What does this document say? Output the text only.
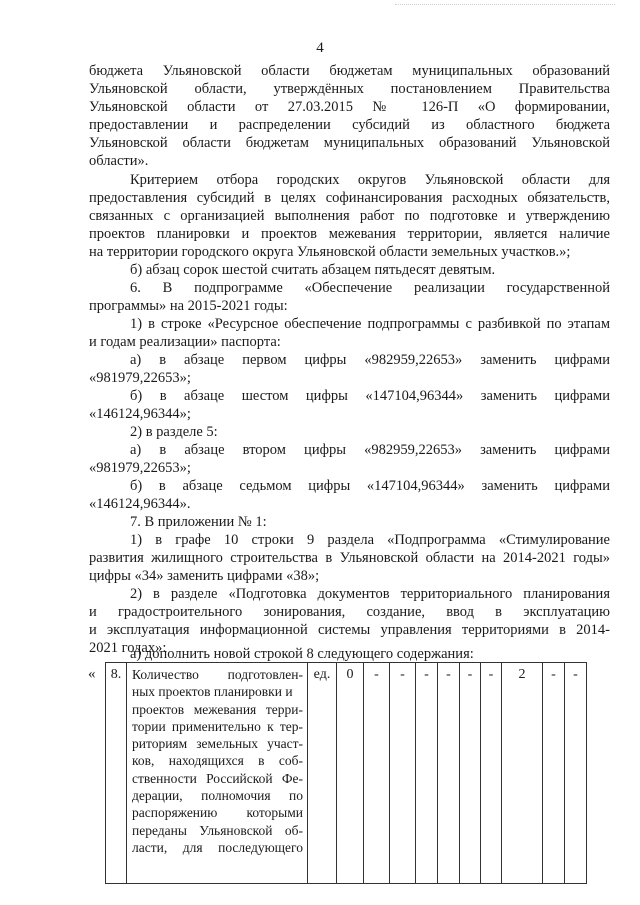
4
бюджета Ульяновской области бюджетам муниципальных образований
Ульяновской области, утверждённых постановлением Правительства
Ульяновской области от 27.03.2015 № 126-П «О формировании,
предоставлении и распределении субсидий из областного бюджета
Ульяновской области бюджетам муниципальных образований Ульяновской
области».
Критерием отбора городских округов Ульяновской области для
предоставления субсидий в целях софинансирования расходных обязательств,
связанных с организацией выполнения работ по подготовке и утверждению
проектов планировки и проектов межевания территории, является наличие
на территории городского округа Ульяновской области земельных участков.»;
б) абзац сорок шестой считать абзацем пятьдесят девятым.
6. В подпрограмме «Обеспечение реализации государственной
программы» на 2015-2021 годы:
1) в строке «Ресурсное обеспечение подпрограммы с разбивкой по этапам
и годам реализации» паспорта:
а) в абзаце первом цифры «982959,22653» заменить цифрами
«981979,22653»;
б) в абзаце шестом цифры «147104,96344» заменить цифрами
«146124,96344»;
2) в разделе 5:
а) в абзаце втором цифры «982959,22653» заменить цифрами
«981979,22653»;
б) в абзаце седьмом цифры «147104,96344» заменить цифрами
«146124,96344».
7. В приложении № 1:
1) в графе 10 строки 9 раздела «Подпрограмма «Стимулирование
развития жилищного строительства в Ульяновской области на 2014-2021 годы»
цифры «34» заменить цифрами «38»;
2) в разделе «Подготовка документов территориального планирования
и градостроительного зонирования, создание, ввод в эксплуатацию
и эксплуатация информационной системы управления территориями в 2014-
2021 годах»:
а) дополнить новой строкой 8 следующего содержания:
« 8.	Количество подготовлен-
ных проектов планировки и
проектов межевания терри-
тории применительно к тер-
риториям земельных участ-
ков, находящихся в соб-
ственности Российской Фе-
дерации, полномочия по
распоряжению которыми
переданы Ульяновской об-
ласти, для последующего
	ед.	0	-	-	-	-	-	-	2	-	-
